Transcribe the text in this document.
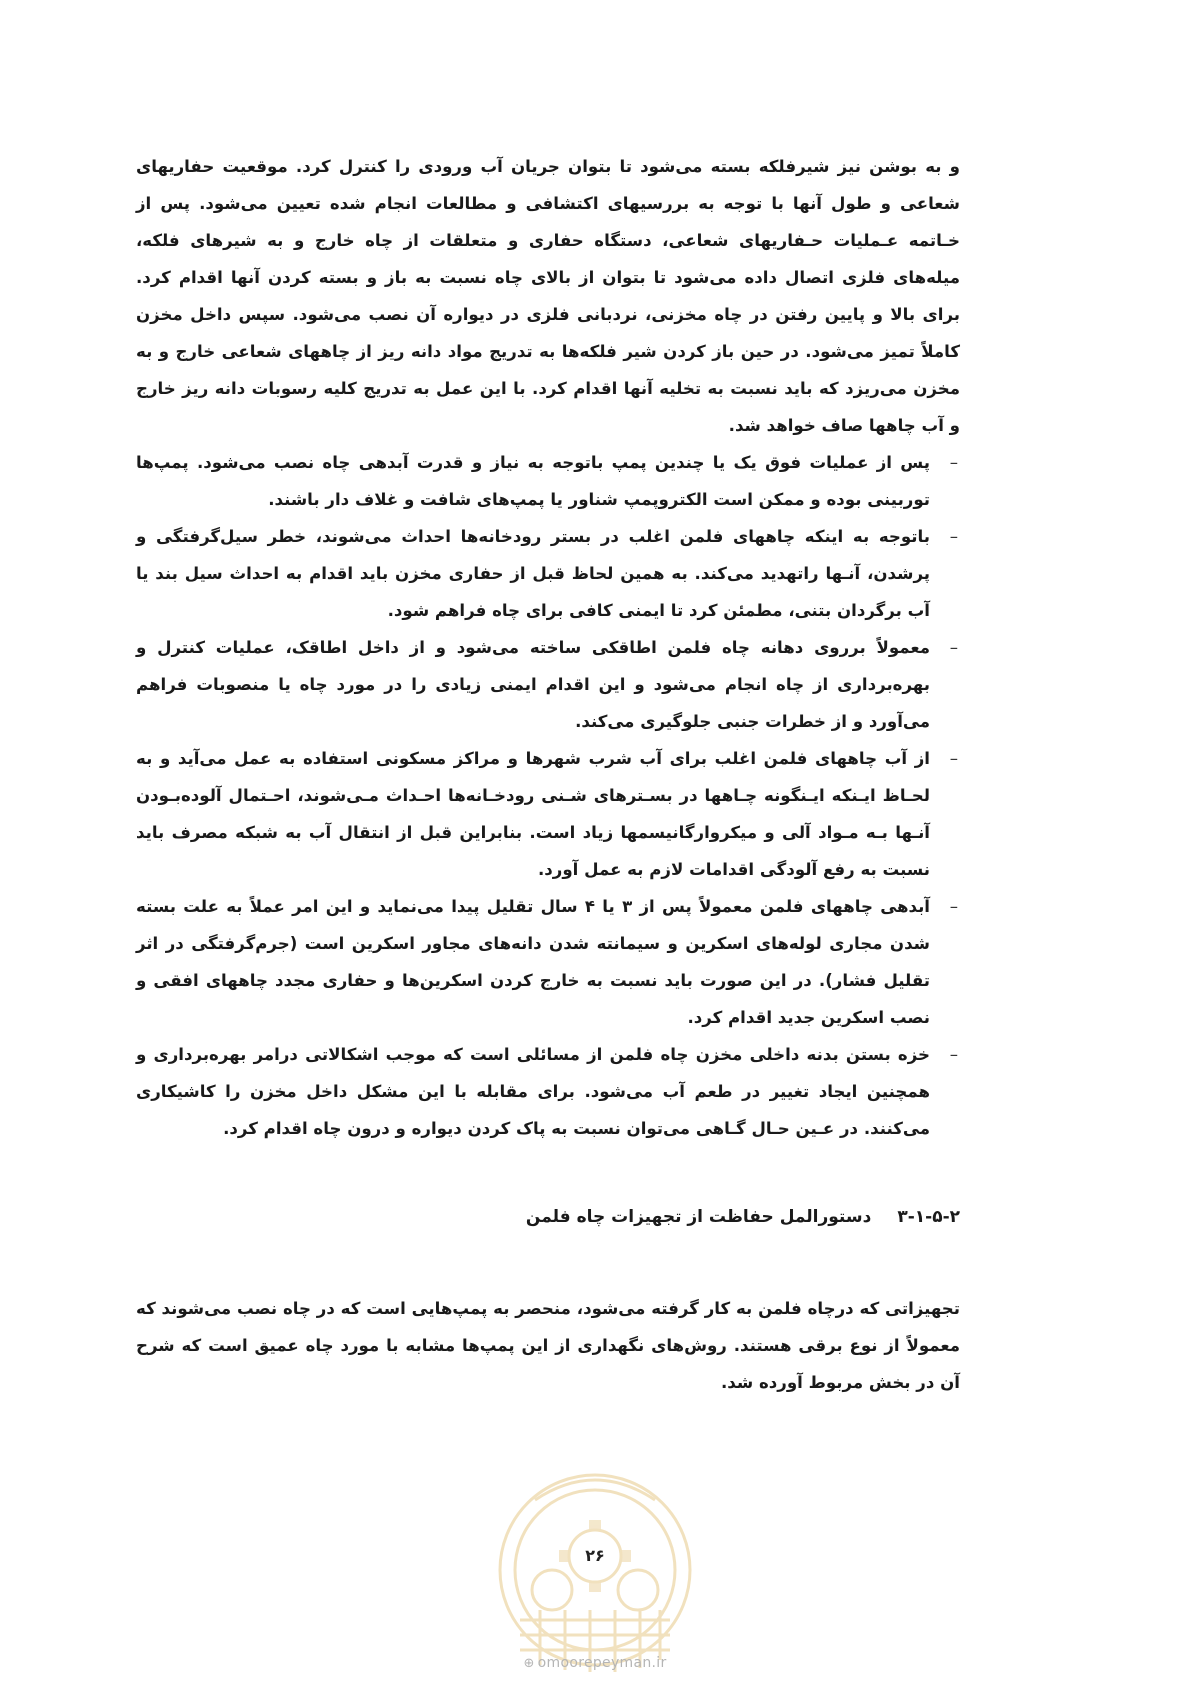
و به بوشن نیز شیرفلکه بسته می‌شود تا بتوان جریان آب ورودی را کنترل کرد. موقعیت حفاریهای شعاعی و طول آنها با توجه به بررسیهای اکتشافی و مطالعات انجام شده تعیین می‌شود. پس از خـاتمه عـملیات حـفاریهای شعاعی، دستگاه حفاری و متعلقات از چاه خارج و به شیرهای فلکه، میله‌های فلزی اتصال داده می‌شود تا بتوان از بالای چاه نسبت به باز و بسته کردن آنها اقدام کرد. برای بالا و پایین رفتن در چاه مخزنی، نردبانی فلزی در دیواره آن نصب می‌شود. سپس داخل مخزن کاملاً تمیز می‌شود. در حین باز کردن شیر فلکه‌ها به تدریج مواد دانه ریز از چاههای شعاعی خارج و به مخزن می‌ریزد که باید نسبت به تخلیه آنها اقدام کرد. با این عمل به تدریج کلیه رسوبات دانه ریز خارج و آب چاهها صاف خواهد شد.

–
پس از عملیات فوق یک یا چندین پمپ باتوجه به نیاز و قدرت آبدهی چاه نصب می‌شود. پمپ‌ها توربینی بوده و ممکن است الکتروپمپ شناور یا پمپ‌های شافت و غلاف دار باشند.
–
باتوجه به اینکه چاههای فلمن اغلب در بستر رودخانه‌ها احداث می‌شوند، خطر سیل‌گرفتگی و پرشدن، آنـها راتهدید می‌کند. به همین لحاظ قبل از حفاری مخزن باید اقدام به احداث سیل بند یا آب برگردان بتنی، مطمئن کرد تا ایمنی کافی برای چاه فراهم شود.
–
معمولاً برروی دهانه چاه فلمن اطاقکی ساخته می‌شود و از داخل اطاقک، عملیات کنترل و بهره‌برداری از چاه انجام می‌شود و این اقدام ایمنی زیادی را در مورد چاه یا منصوبات فراهم می‌آورد و از خطرات جنبی جلوگیری می‌کند.
–
از آب چاههای فلمن اغلب برای آب شرب شهرها و مراکز مسکونی استفاده به عمل می‌آید و به لحـاظ ایـنکه ایـنگونه چـاهها در بسـترهای شـنی رودخـانه‌ها احـداث مـی‌شوند، احـتمال آلوده‌بـودن آنـها بـه مـواد آلی و میکروارگانیسمها زیاد است. بنابراین قبل از انتقال آب به شبکه مصرف باید نسبت به رفع آلودگی اقدامات لازم به عمل آورد.
–
آبدهی چاههای فلمن معمولاً پس از ۳ یا ۴ سال تقلیل پیدا می‌نماید و این امر عملاً به علت بسته شدن مجاری لوله‌های اسکرین و سیمانته شدن دانه‌های مجاور اسکرین است (جرم‌گرفتگی در اثر تقلیل فشار). در این صورت باید نسبت به خارج کردن اسکرین‌ها و حفاری مجدد چاههای افقی و نصب اسکرین جدید اقدام کرد.
–
خزه بستن بدنه داخلی مخزن چاه فلمن از مسائلی است که موجب اشکالاتی درامر بهره‌برداری و همچنین ایجاد تغییر در طعم آب می‌شود. برای مقابله با این مشکل داخل مخزن را کاشیکاری می‌کنند. در عـین حـال گـاهی می‌توان نسبت به پاک کردن دیواره و درون چاه اقدام کرد.
۳-۱-۵-۲دستورالمل حفاظت از تجهیزات چاه فلمن

تجهیزاتی که درچاه فلمن به کار گرفته می‌شود، منحصر به پمپ‌هایی است که در چاه نصب می‌شوند که معمولاً از نوع برقی هستند. روش‌های نگهداری از این پمپ‌ها مشابه با مورد چاه عمیق است که شرح آن در بخش مربوط آورده شد.

۲۶
⊕ omoorepeyman.ir
